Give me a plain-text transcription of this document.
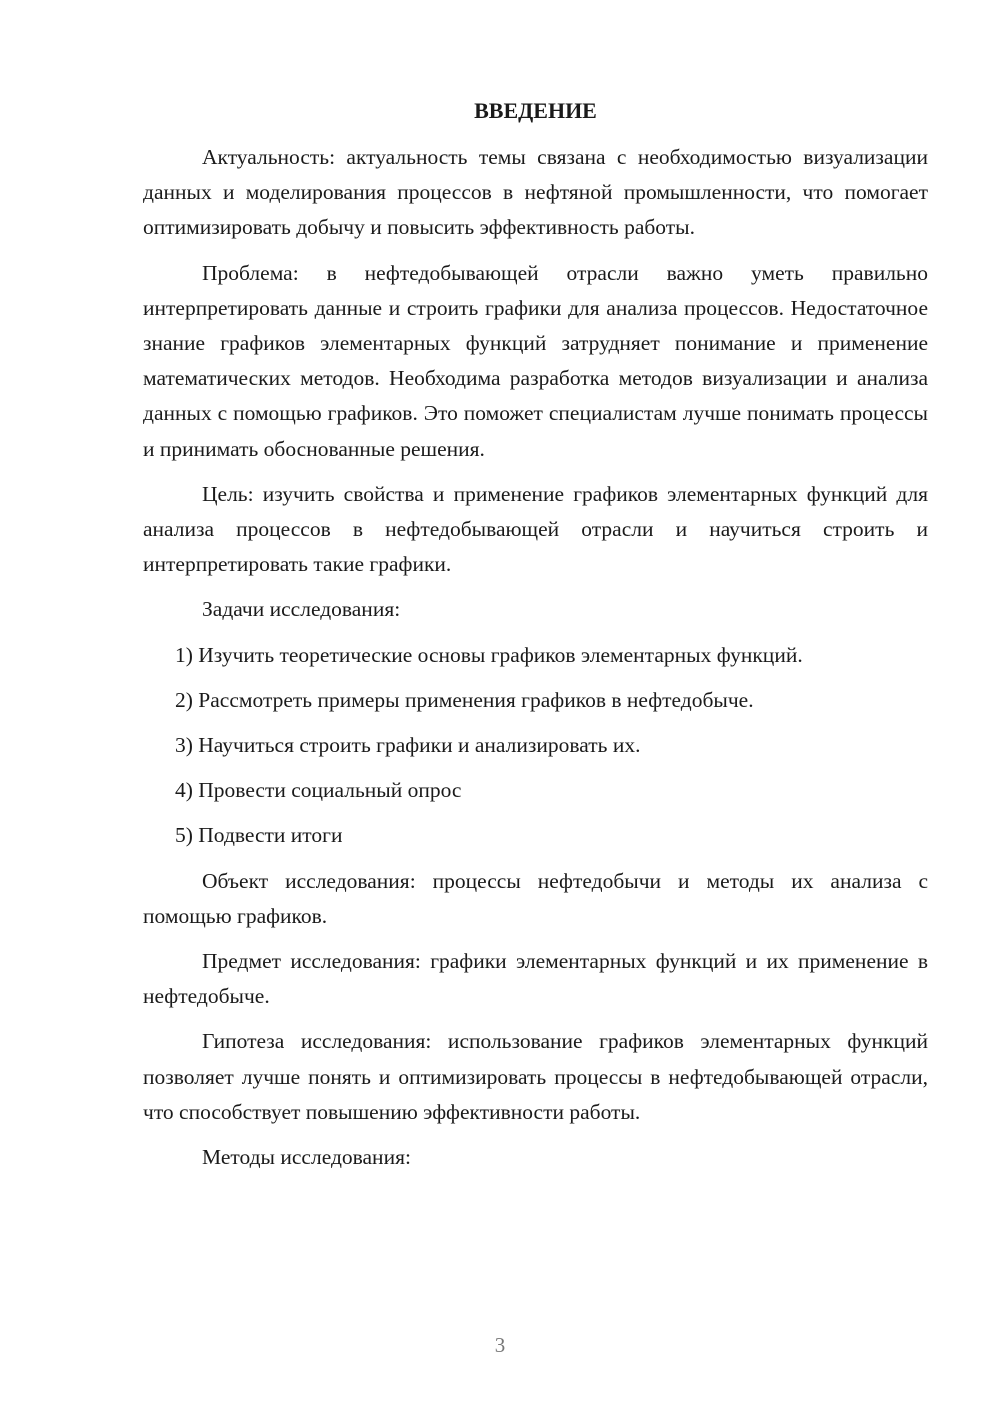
ВВЕДЕНИЕ

Актуальность: актуальность темы связана с необходимостью визуализации данных и моделирования процессов в нефтяной промышленности, что помогает оптимизировать добычу и повысить эффективность работы.

Проблема: в нефтедобывающей отрасли важно уметь правильно интерпретировать данные и строить графики для анализа процессов. Недостаточное знание графиков элементарных функций затрудняет понимание и применение математических методов. Необходима разработка методов визуализации и анализа данных с помощью графиков. Это поможет специалистам лучше понимать процессы и принимать обоснованные решения.

Цель: изучить свойства и применение графиков элементарных функций для анализа процессов в нефтедобывающей отрасли и научиться строить и интерпретировать такие графики.

Задачи исследования:

1) Изучить теоретические основы графиков элементарных функций.
2) Рассмотреть примеры применения графиков в нефтедобыче.
3) Научиться строить графики и анализировать их.
4) Провести социальный опрос
5) Подвести итоги

Объект исследования: процессы нефтедобычи и методы их анализа с помощью графиков.

Предмет исследования: графики элементарных функций и их применение в нефтедобыче.

Гипотеза исследования: использование графиков элементарных функций позволяет лучше понять и оптимизировать процессы в нефтедобывающей отрасли, что способствует повышению эффективности работы.

Методы исследования:

3
